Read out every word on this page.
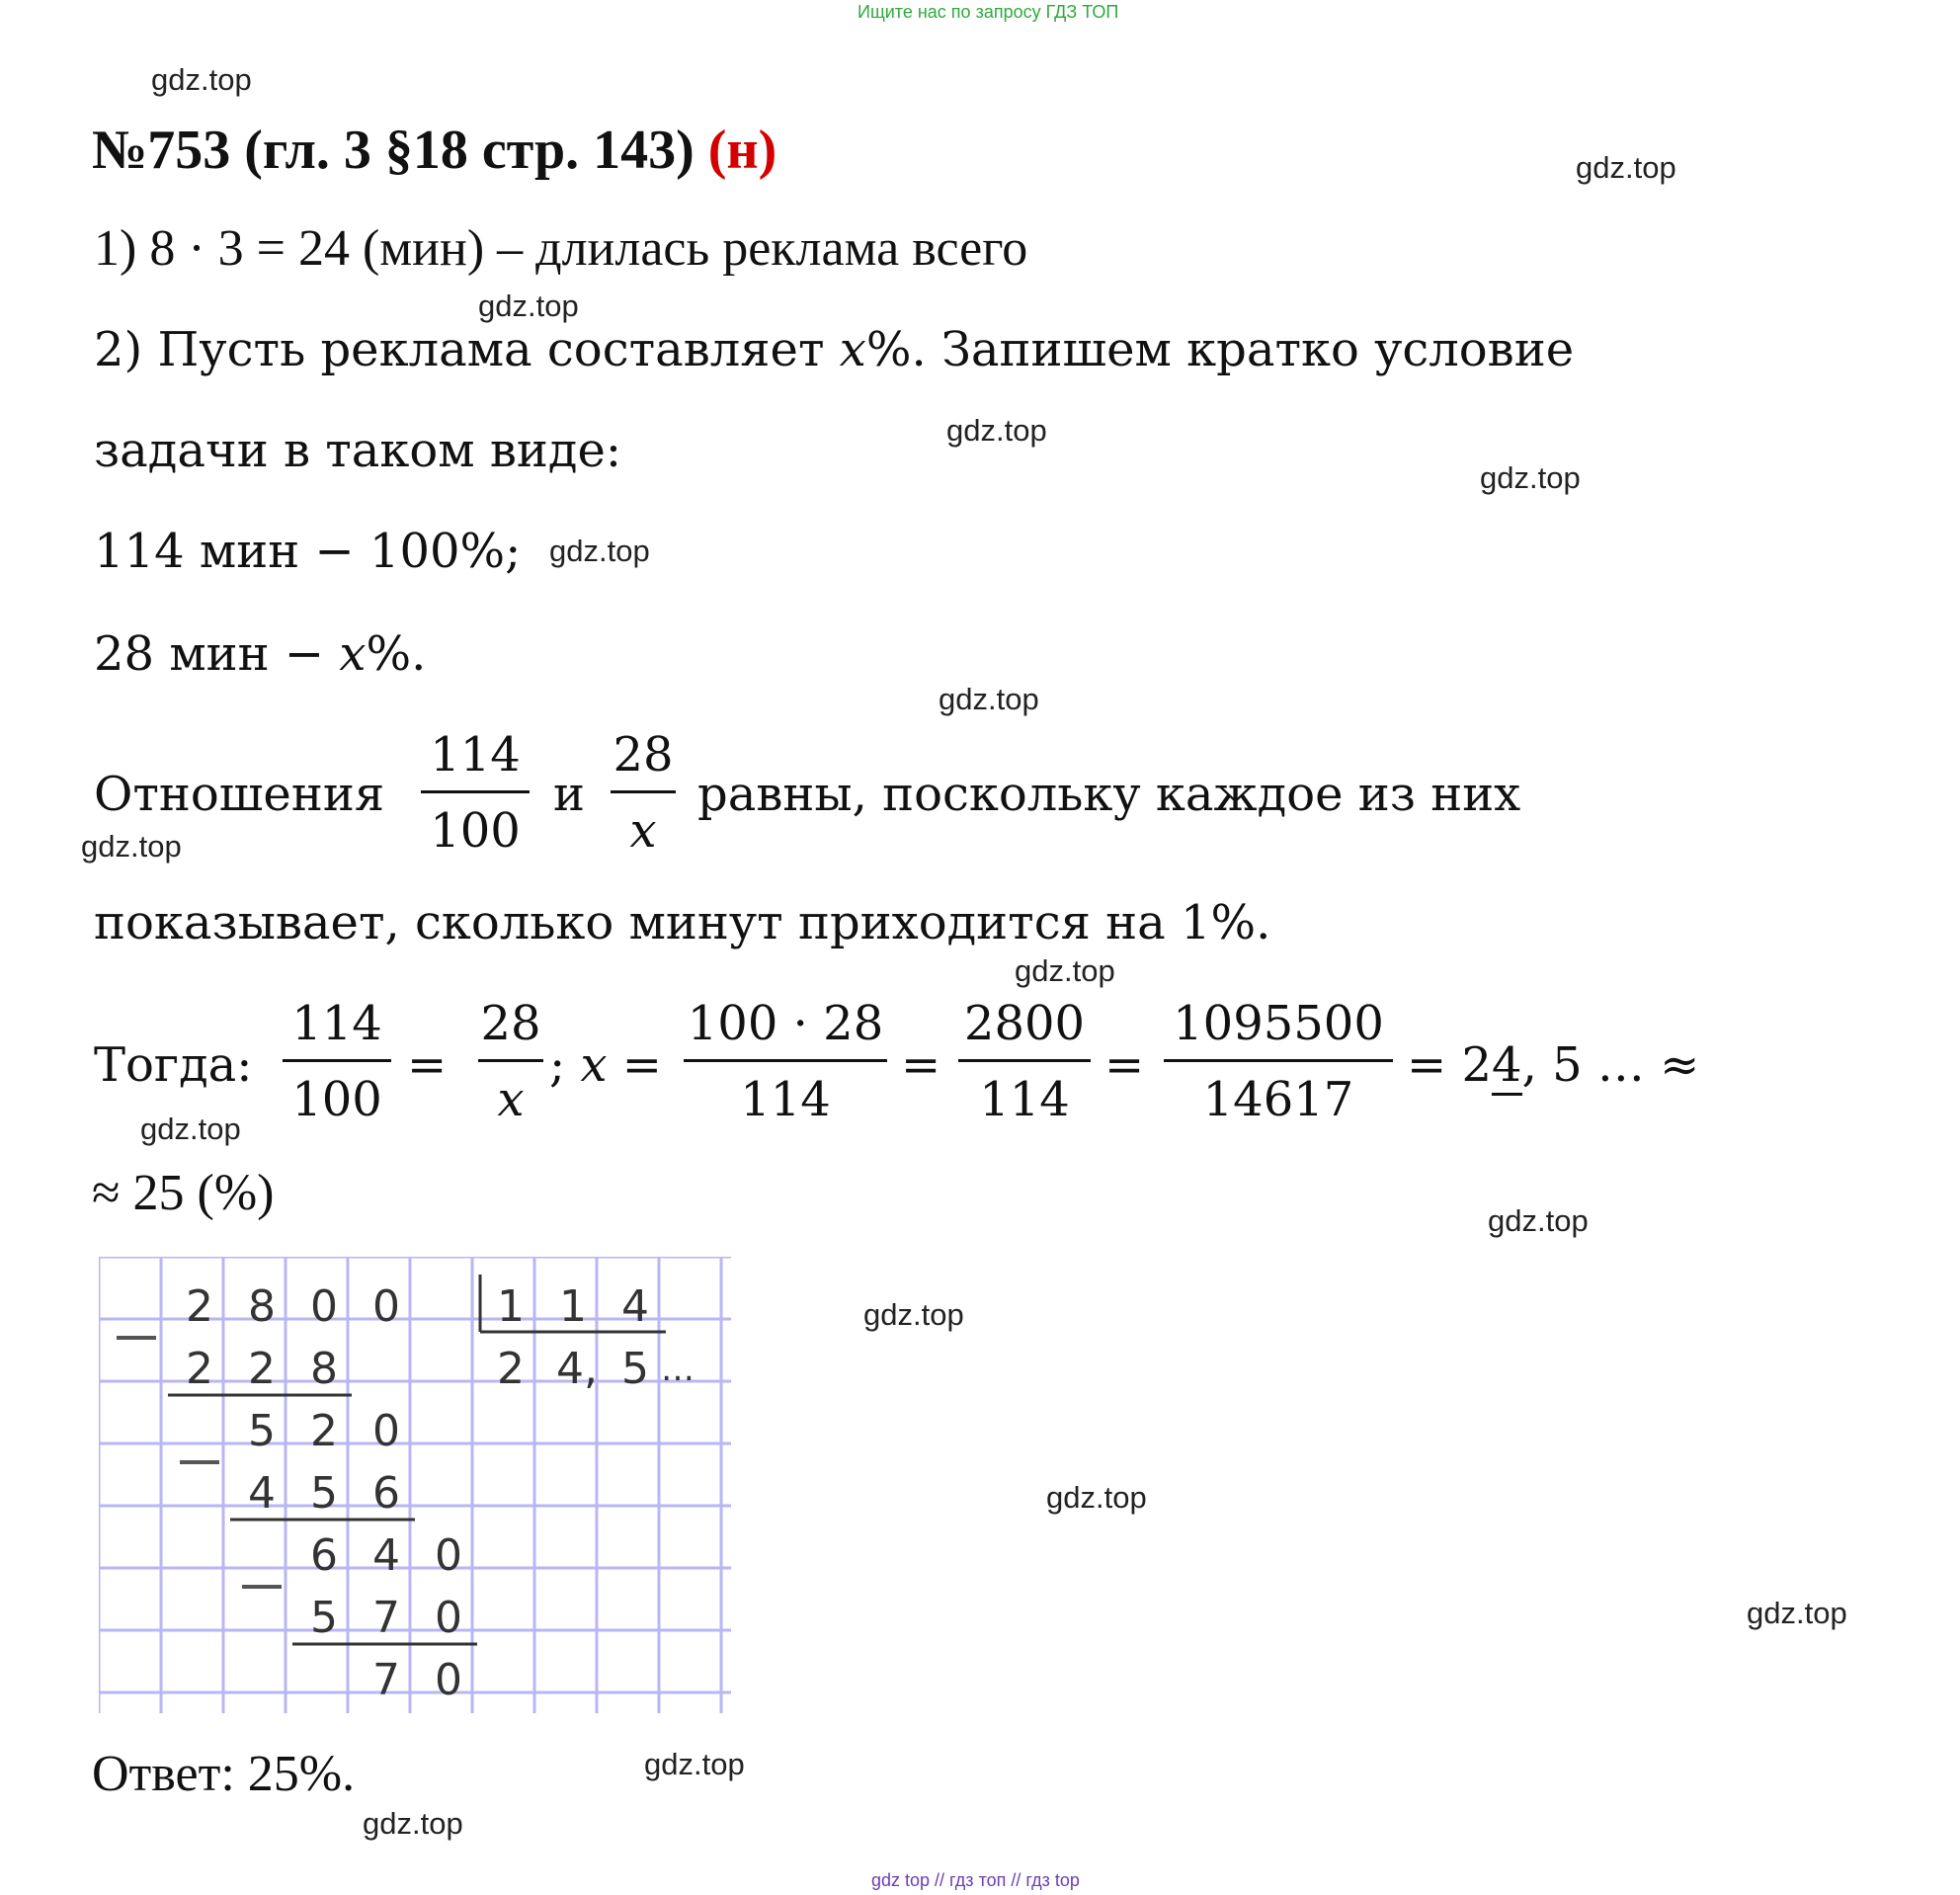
Ищите нас по запросу ГДЗ ТОП
gdz top // гдз топ // гдз top
gdz.top
gdz.top
gdz.top
gdz.top
gdz.top
gdz.top
gdz.top
gdz.top
gdz.top
gdz.top
gdz.top
gdz.top
gdz.top
gdz.top
gdz.top
gdz.top
№753 (гл. 3 §18 стр. 143) (н)
1) 8 · 3 = 24 (мин) – длилась реклама всего
2) Пусть реклама составляет x%. Запишем кратко условие
задачи в таком виде:
114 мин − 100%;
28 мин − x%.
Отношения
114
100
и
28
x
равны, поскольку каждое из них
показывает, сколько минут приходится на 1%.
Тогда:
114
100
=
28
x
; x =
100 · 28
114
=
2800
114
=
1095500
14617
= 24, 5 … ≈
≈ 25 (%)
2 8 0 0	1 1 4
2 2 8	2 4, 5 …
5 2 0
4 5 6
6 4 0
5 7 0
7 0
Ответ: 25%.
